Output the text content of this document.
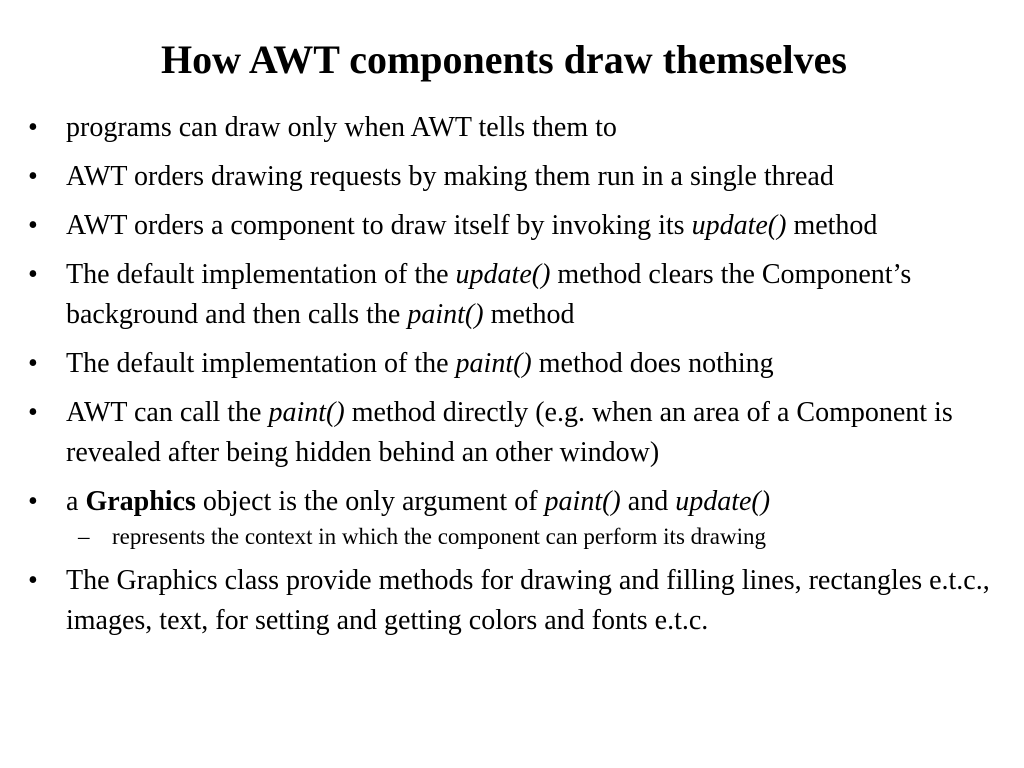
How AWT components draw themselves
•	programs can draw only when AWT tells them to
•	AWT orders drawing requests by making them run in a single thread
•	AWT orders a component to draw itself by invoking its update() method
•	The default implementation of the update() method clears the Component’s background and then calls the paint() method
•	The default implementation of the paint() method does nothing
•	AWT can call the paint() method directly (e.g. when an area of a Component is revealed after being hidden behind an other window)
•	a Graphics object is the only argument of paint() and update()
– represents the context in which the component can perform its drawing
•	The Graphics class provide methods for drawing and filling lines, rectangles e.t.c., images, text, for setting and getting colors and fonts e.t.c.
